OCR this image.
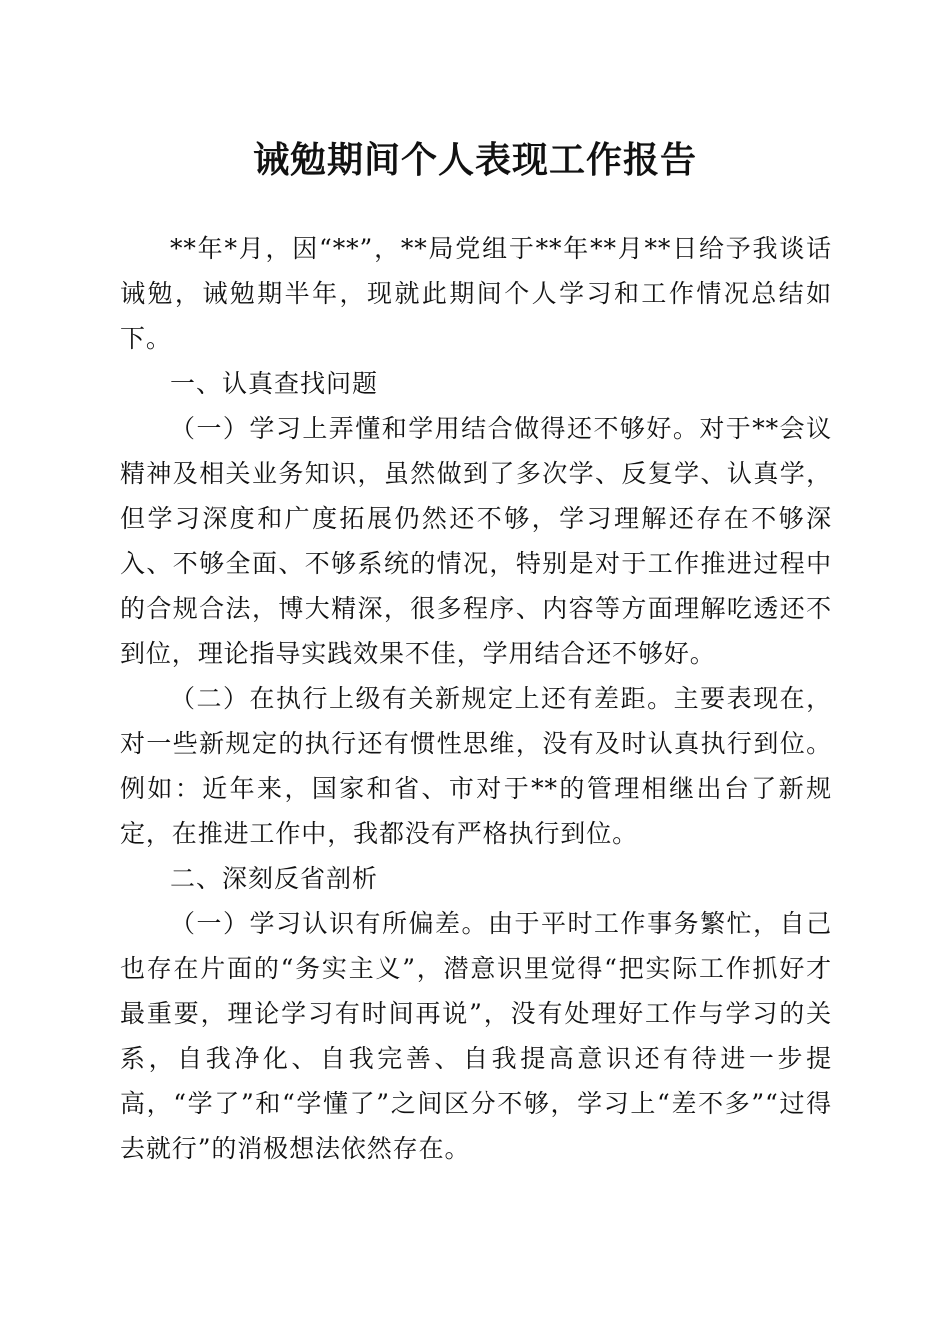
诫勉期间个人表现工作报告

**年*月，因“**”，**局党组于**年**月**日给予我谈话诫勉，诫勉期半年，现就此期间个人学习和工作情况总结如下。

一、认真查找问题

（一）学习上弄懂和学用结合做得还不够好。对于**会议精神及相关业务知识，虽然做到了多次学、反复学、认真学，但学习深度和广度拓展仍然还不够，学习理解还存在不够深入、不够全面、不够系统的情况，特别是对于工作推进过程中的合规合法，博大精深，很多程序、内容等方面理解吃透还不到位，理论指导实践效果不佳，学用结合还不够好。

（二）在执行上级有关新规定上还有差距。主要表现在，对一些新规定的执行还有惯性思维，没有及时认真执行到位。例如：近年来，国家和省、市对于**的管理相继出台了新规定，在推进工作中，我都没有严格执行到位。

二、深刻反省剖析

（一）学习认识有所偏差。由于平时工作事务繁忙，自己也存在片面的“务实主义”，潜意识里觉得“把实际工作抓好才最重要，理论学习有时间再说”，没有处理好工作与学习的关系，自我净化、自我完善、自我提高意识还有待进一步提高，“学了”和“学懂了”之间区分不够，学习上“差不多”“过得去就行”的消极想法依然存在。
